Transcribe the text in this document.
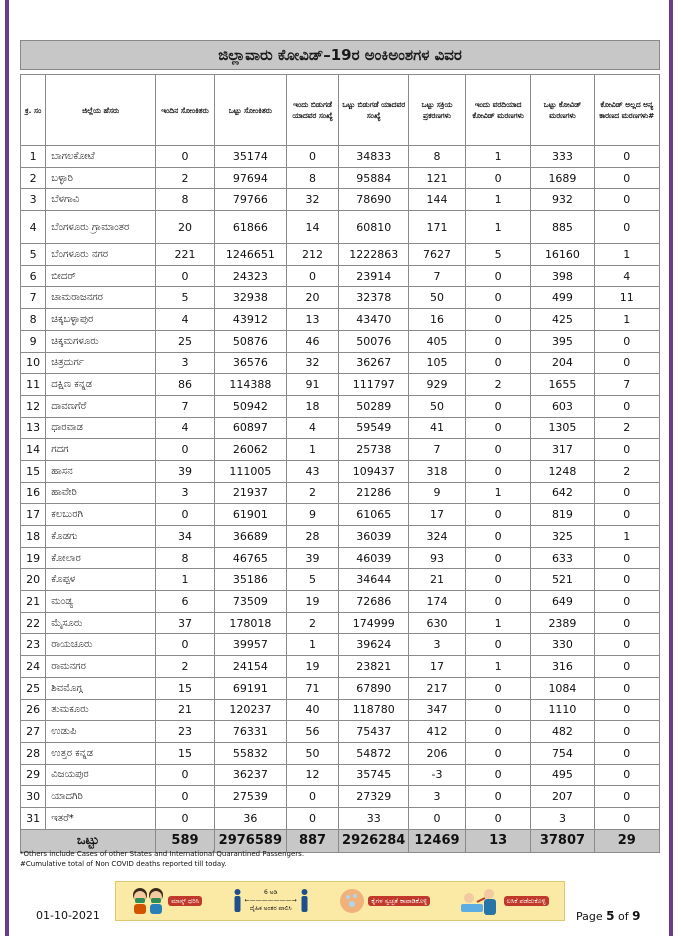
ಜಿಲ್ಲಾವಾರು ಕೋವಿಡ್–19ರ ಅಂಕಿಅಂಶಗಳ ವಿವರ
ಕ್ರ. ಸಂ	ಜಿಲ್ಲೆಯ ಹೆಸರು	ಇಂದಿನ ಸೋಂಕಿತರು	ಒಟ್ಟು ಸೋಂಕಿತರು	ಇಂದು ಬಿಡುಗಡೆ ಯಾದವರ ಸಂಖ್ಯೆ	ಒಟ್ಟು ಬಿಡುಗಡೆ ಯಾದವರ ಸಂಖ್ಯೆ	ಒಟ್ಟು ಸಕ್ರಿಯ ಪ್ರಕರಣಗಳು	ಇಂದು ವರದಿಯಾದ ಕೋವಿಡ್ ಮರಣಗಳು	ಒಟ್ಟು ಕೋವಿಡ್ ಮರಣಗಳು	ಕೋವಿಡ್ ಅಲ್ಲದ ಅನ್ಯ ಕಾರಣದ ಮರಣಗಳು#
1	ಬಾಗಲಕೋಟೆ	0	35174	0	34833	8	1	333	0
2	ಬಳ್ಳಾರಿ	2	97694	8	95884	121	0	1689	0
3	ಬೆಳಗಾವಿ	8	79766	32	78690	144	1	932	0
4	ಬೆಂಗಳೂರು ಗ್ರಾಮಾಂತರ	20	61866	14	60810	171	1	885	0
5	ಬೆಂಗಳೂರು ನಗರ	221	1246651	212	1222863	7627	5	16160	1
6	ಬೀದರ್	0	24323	0	23914	7	0	398	4
7	ಚಾಮರಾಜನಗರ	5	32938	20	32378	50	0	499	11
8	ಚಿಕ್ಕಬಳ್ಳಾಪುರ	4	43912	13	43470	16	0	425	1
9	ಚಿಕ್ಕಮಗಳೂರು	25	50876	46	50076	405	0	395	0
10	ಚಿತ್ರದುರ್ಗ	3	36576	32	36267	105	0	204	0
11	ದಕ್ಷಿಣ ಕನ್ನಡ	86	114388	91	111797	929	2	1655	7
12	ದಾವಣಗೆರೆ	7	50942	18	50289	50	0	603	0
13	ಧಾರವಾಡ	4	60897	4	59549	41	0	1305	2
14	ಗದಗ	0	26062	1	25738	7	0	317	0
15	ಹಾಸನ	39	111005	43	109437	318	0	1248	2
16	ಹಾವೇರಿ	3	21937	2	21286	9	1	642	0
17	ಕಲಬುರಗಿ	0	61901	9	61065	17	0	819	0
18	ಕೊಡಗು	34	36689	28	36039	324	0	325	1
19	ಕೋಲಾರ	8	46765	39	46039	93	0	633	0
20	ಕೊಪ್ಪಳ	1	35186	5	34644	21	0	521	0
21	ಮಂಡ್ಯ	6	73509	19	72686	174	0	649	0
22	ಮೈಸೂರು	37	178018	2	174999	630	1	2389	0
23	ರಾಯಚೂರು	0	39957	1	39624	3	0	330	0
24	ರಾಮನಗರ	2	24154	19	23821	17	1	316	0
25	ಶಿವಮೊಗ್ಗ	15	69191	71	67890	217	0	1084	0
26	ತುಮಕೂರು	21	120237	40	118780	347	0	1110	0
27	ಉಡುಪಿ	23	76331	56	75437	412	0	482	0
28	ಉತ್ತರ ಕನ್ನಡ	15	55832	50	54872	206	0	754	0
29	ವಿಜಯಪುರ	0	36237	12	35745	-3	0	495	0
30	ಯಾದಗಿರಿ	0	27539	0	27329	3	0	207	0
31	ಇತರೆ*	0	36	0	33	0	0	3	0
ಒಟ್ಟು		589	2976589	887	2926284	12469	13	37807	29
*Others include Cases of other States and International Quarantined Passengers.
#Cumulative total of Non COVID deaths reported till today.
ಮಾಸ್ಕ್ ಧರಿಸಿ
6 ಅಡಿ
←———————→
ದೈಹಿಕ ಅಂತರ ಪಾಲಿಸಿ
ಕೈಗಳ ಸ್ವಚ್ಛತೆ ಕಾಪಾಡಿಕೊಳ್ಳಿ	ಲಸಿಕೆ ಪಡೆದುಕೊಳ್ಳಿ
01-10-2021	Page 5 of 9
